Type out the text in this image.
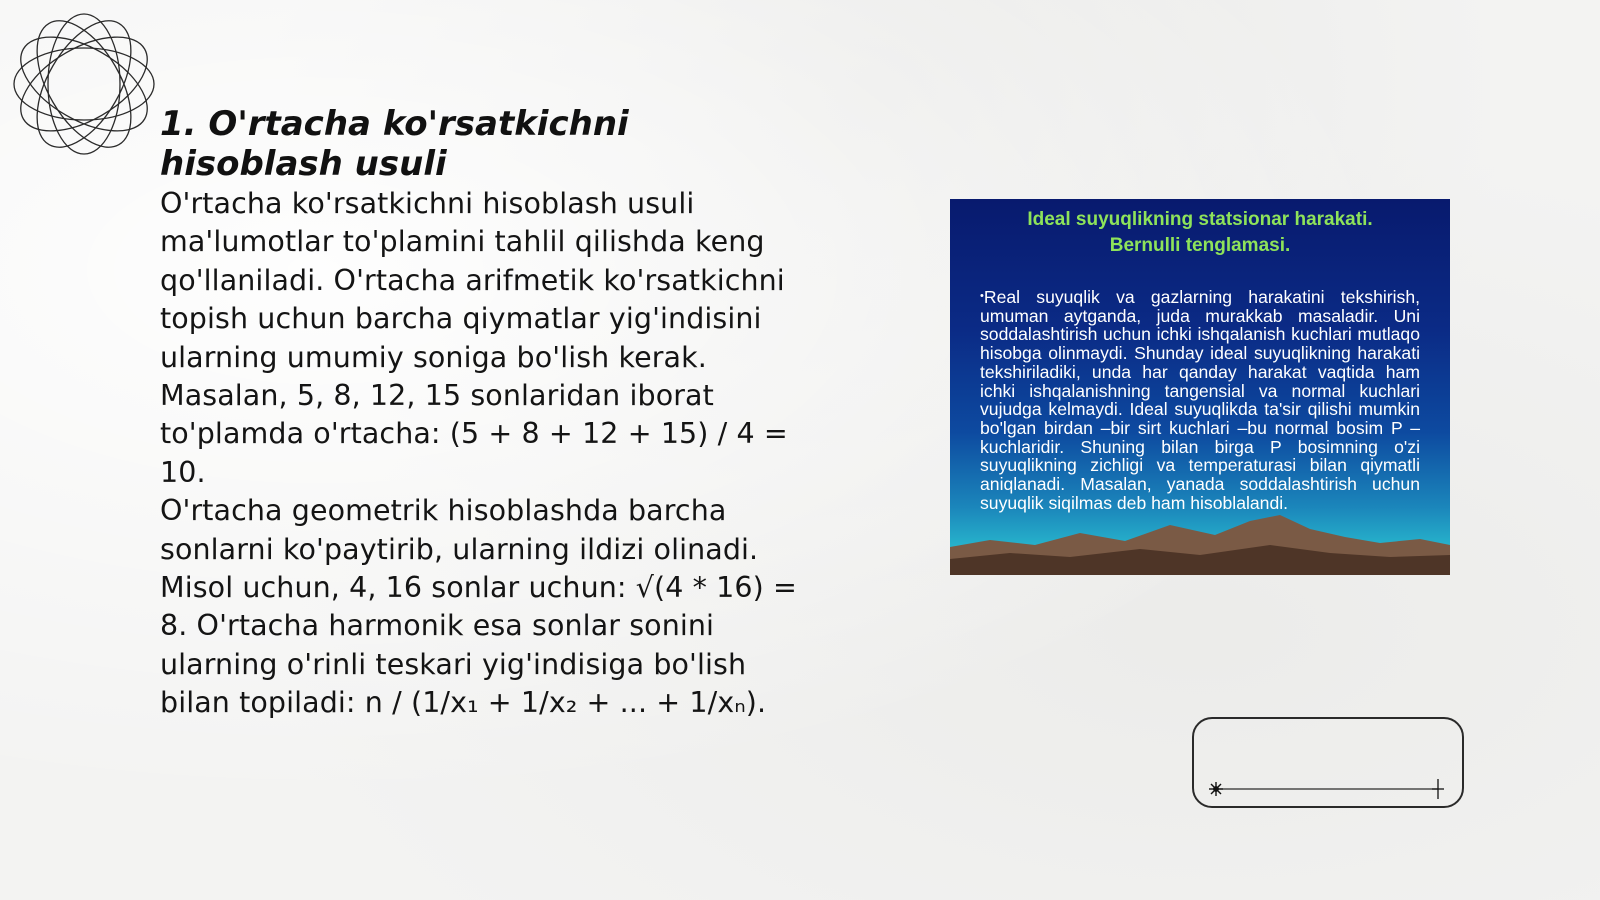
1. O'rtacha ko'rsatkichni hisoblash usuli
O'rtacha ko'rsatkichni hisoblash usuli
ma'lumotlar to'plamini tahlil qilishda keng
qo'llaniladi. O'rtacha arifmetik ko'rsatkichni
topish uchun barcha qiymatlar yig'indisini
ularning umumiy soniga bo'lish kerak.
Masalan, 5, 8, 12, 15 sonlaridan iborat
to'plamda o'rtacha: (5 + 8 + 12 + 15) / 4 = 10.
O'rtacha geometrik hisoblashda barcha
sonlarni ko'paytirib, ularning ildizi olinadi.
Misol uchun, 4, 16 sonlar uchun: √(4 * 16) =
8. O'rtacha harmonik esa sonlar sonini
ularning o'rinli teskari yig'indisiga bo'lish
bilan topiladi: n / (1/x₁ + 1/x₂ + ... + 1/xₙ).
Ideal suyuqlikning statsionar harakati.
Bernulli tenglamasi.

•Real suyuqlik va gazlarning harakatini tekshirish, umuman aytganda, juda murakkab masaladir. Uni soddalashtirish uchun ichki ishqalanish kuchlari mutlaqo hisobga olinmaydi. Shunday ideal suyuqlikning harakati tekshiriladiki, unda har qanday harakat vaqtida ham ichki ishqalanishning tangensial va normal kuchlari vujudga kelmaydi. Ideal suyuqlikda ta'sir qilishi mumkin bo'lgan birdan –bir sirt kuchlari –bu normal bosim P –kuchlaridir. Shuning bilan birga P bosimning o'zi suyuqlikning zichligi va temperaturasi bilan qiymatli aniqlanadi. Masalan, yanada soddalashtirish uchun suyuqlik siqilmas deb ham hisoblalandi.
